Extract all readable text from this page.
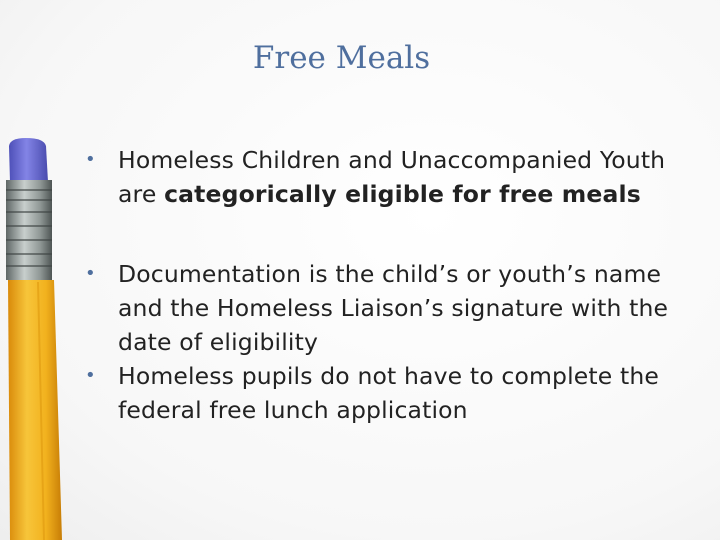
Free Meals
• Homeless Children and Unaccompanied Youth are categorically eligible for free meals
• Documentation is the child’s or youth’s name and the Homeless Liaison’s signature with the date of eligibility
• Homeless pupils do not have to complete the federal free lunch application
